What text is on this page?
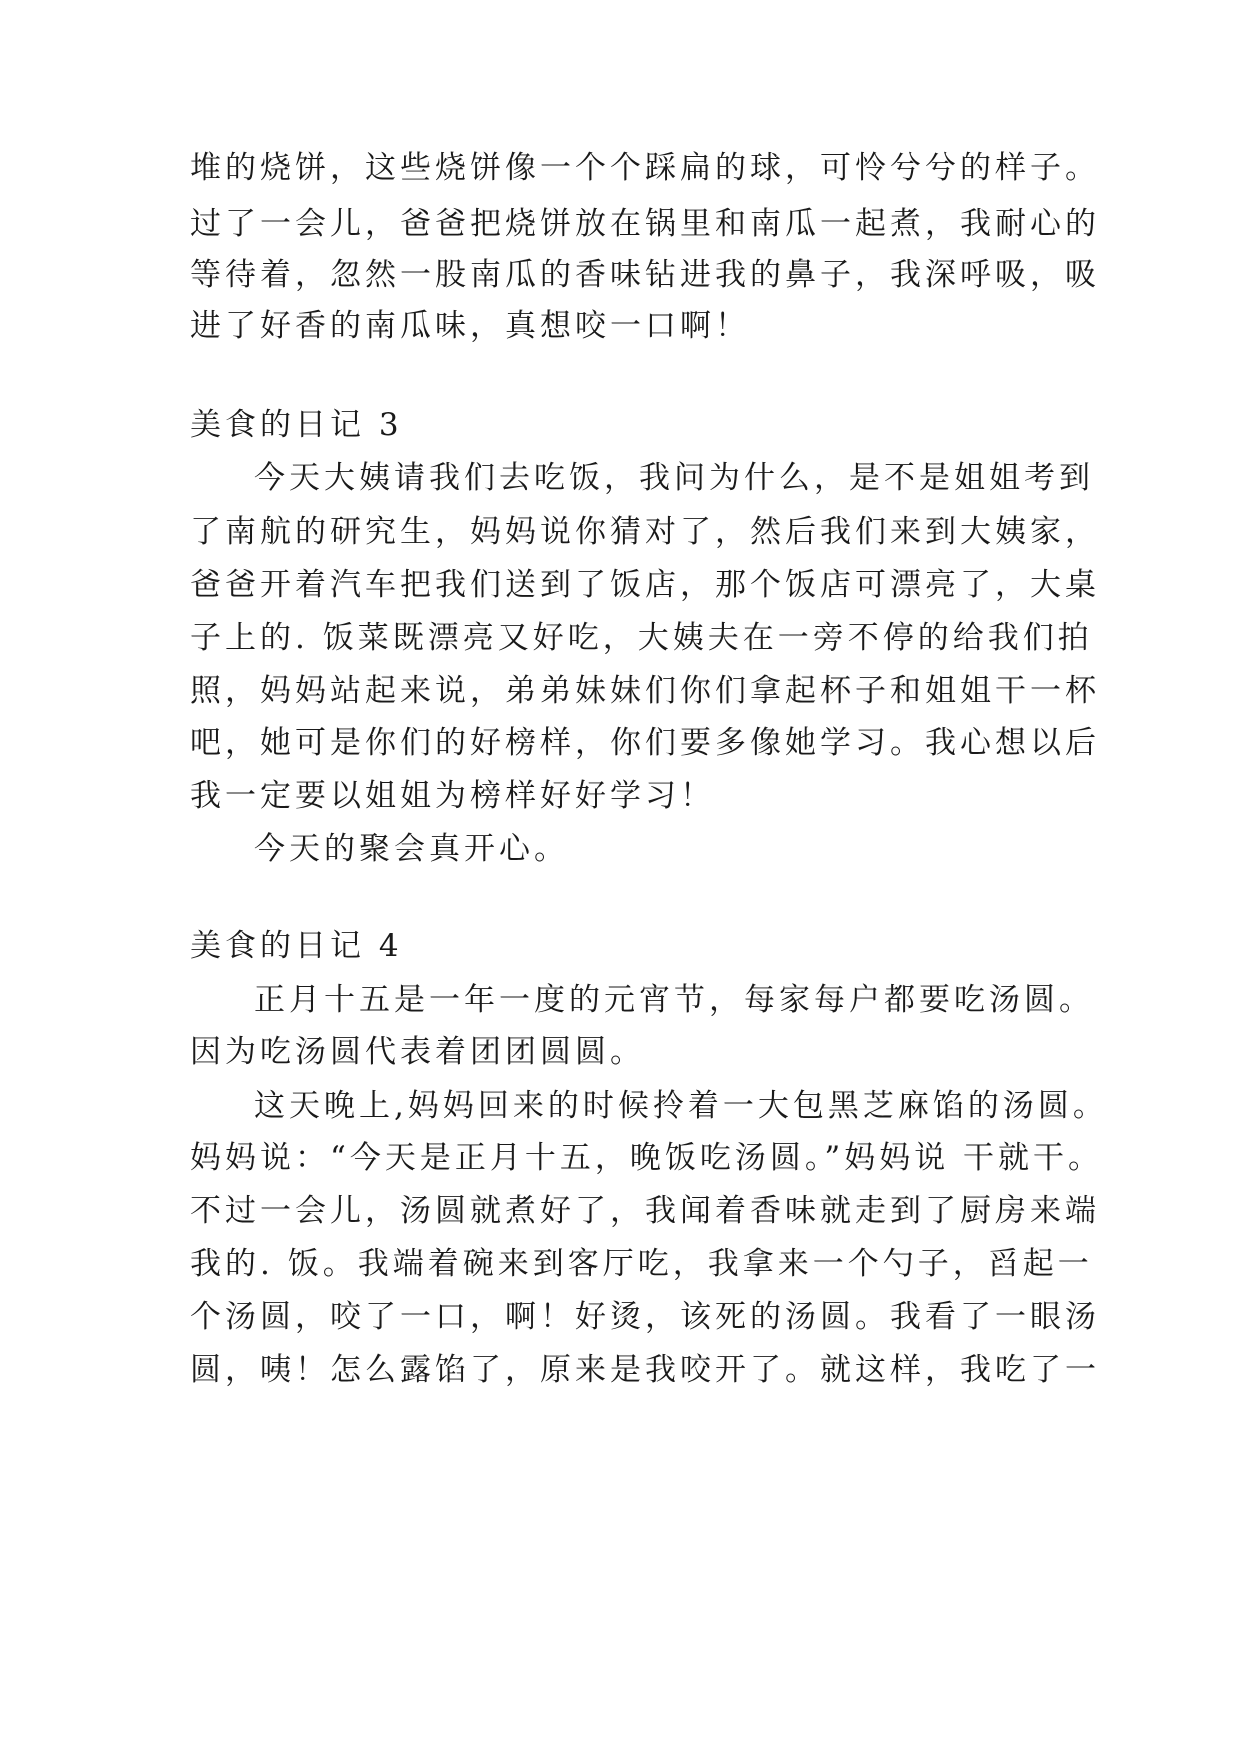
堆的烧饼，这些烧饼像一个个踩扁的球，可怜兮兮的样子。
过了一会儿，爸爸把烧饼放在锅里和南瓜一起煮，我耐心的
等待着，忽然一股南瓜的香味钻进我的鼻子，我深呼吸，吸
进了好香的南瓜味，真想咬一口啊！
美食的日记 3
今天大姨请我们去吃饭，我问为什么，是不是姐姐考到
了南航的研究生，妈妈说你猜对了，然后我们来到大姨家，
爸爸开着汽车把我们送到了饭店，那个饭店可漂亮了，大桌
子上的. 饭菜既漂亮又好吃，大姨夫在一旁不停的给我们拍
照，妈妈站起来说，弟弟妹妹们你们拿起杯子和姐姐干一杯
吧，她可是你们的好榜样，你们要多像她学习。我心想以后
我一定要以姐姐为榜样好好学习！
今天的聚会真开心。
美食的日记 4
正月十五是一年一度的元宵节，每家每户都要吃汤圆。
因为吃汤圆代表着团团圆圆。
这天晚上,妈妈回来的时候拎着一大包黑芝麻馅的汤圆。
妈妈说：“今天是正月十五，晚饭吃汤圆。”妈妈说 干就干。
不过一会儿，汤圆就煮好了，我闻着香味就走到了厨房来端
我的. 饭。我端着碗来到客厅吃，我拿来一个勺子，舀起一
个汤圆，咬了一口，啊！好烫，该死的汤圆。我看了一眼汤
圆，咦！怎么露馅了，原来是我咬开了。就这样，我吃了一
